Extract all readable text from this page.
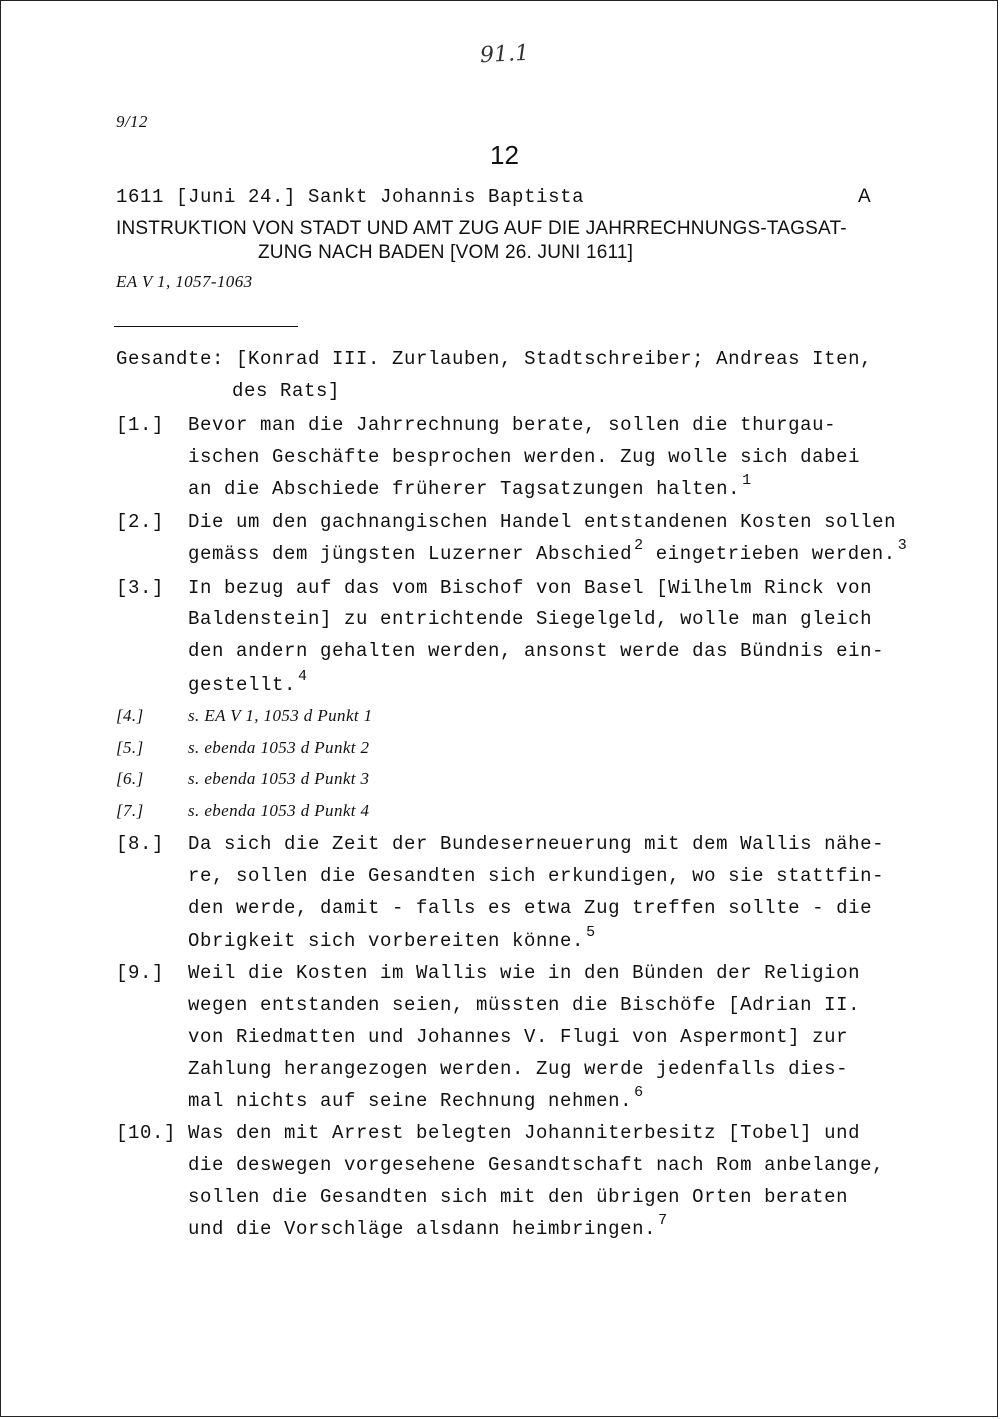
91.1
9/12
12
1611 [Juni 24.] Sankt Johannis Baptista	A
INSTRUKTION VON STADT UND AMT ZUG AUF DIE JAHRRECHNUNGS-TAGSAT-
ZUNG NACH BADEN [VOM 26. JUNI 1611]
EA V 1, 1057-1063
Gesandte: [Konrad III. Zurlauben, Stadtschreiber; Andreas Iten,
des Rats]
[1.] Bevor man die Jahrrechnung berate, sollen die thurgau-
ischen Geschäfte besprochen werden. Zug wolle sich dabei
an die Abschiede früherer Tagsatzungen halten. $^1$
[2.] Die um den gachnangischen Handel entstandenen Kosten sollen
gemäss dem jüngsten Luzerner Abschied $^2$ eingetrieben werden. $^3$
[3.] In bezug auf das vom Bischof von Basel [Wilhelm Rinck von
Baldenstein] zu entrichtende Siegelgeld, wolle man gleich
den andern gehalten werden, ansonst werde das Bündnis ein-
gestellt. $^4$
[4.]	s. EA V 1, 1053 d Punkt 1
[5.]	s. ebenda 1053 d Punkt 2
[6.]	s. ebenda 1053 d Punkt 3
[7.]	s. ebenda 1053 d Punkt 4
[8.] Da sich die Zeit der Bundeserneuerung mit dem Wallis nähe-
re, sollen die Gesandten sich erkundigen, wo sie stattfin-
den werde, damit - falls es etwa Zug treffen sollte - die
Obrigkeit sich vorbereiten könne. $^5$
[9.] Weil die Kosten im Wallis wie in den Bünden der Religion
wegen entstanden seien, müssten die Bischöfe [Adrian II.
von Riedmatten und Johannes V. Flugi von Aspermont] zur
Zahlung herangezogen werden. Zug werde jedenfalls dies-
mal nichts auf seine Rechnung nehmen. $^6$
[10.] Was den mit Arrest belegten Johanniterbesitz [Tobel] und
die deswegen vorgesehene Gesandtschaft nach Rom anbelange,
sollen die Gesandten sich mit den übrigen Orten beraten
und die Vorschläge alsdann heimbringen. $^7$
